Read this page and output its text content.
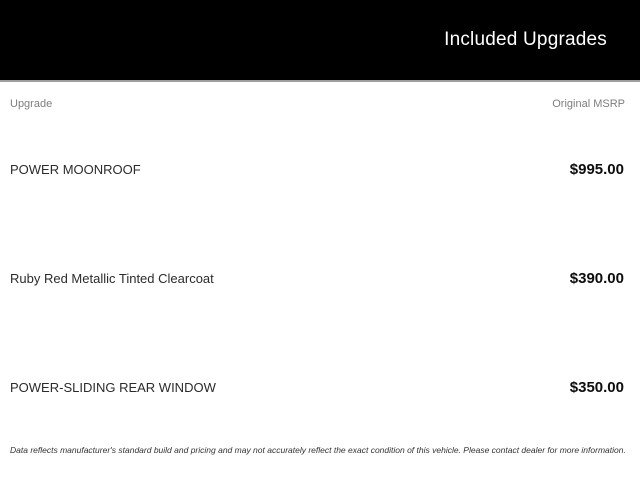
Included Upgrades
Upgrade	Original MSRP
POWER MOONROOF	$995.00
Ruby Red Metallic Tinted Clearcoat	$390.00
POWER-SLIDING REAR WINDOW	$350.00
Data reflects manufacturer's standard build and pricing and may not accurately reflect the exact condition of this vehicle. Please contact dealer for more information.
